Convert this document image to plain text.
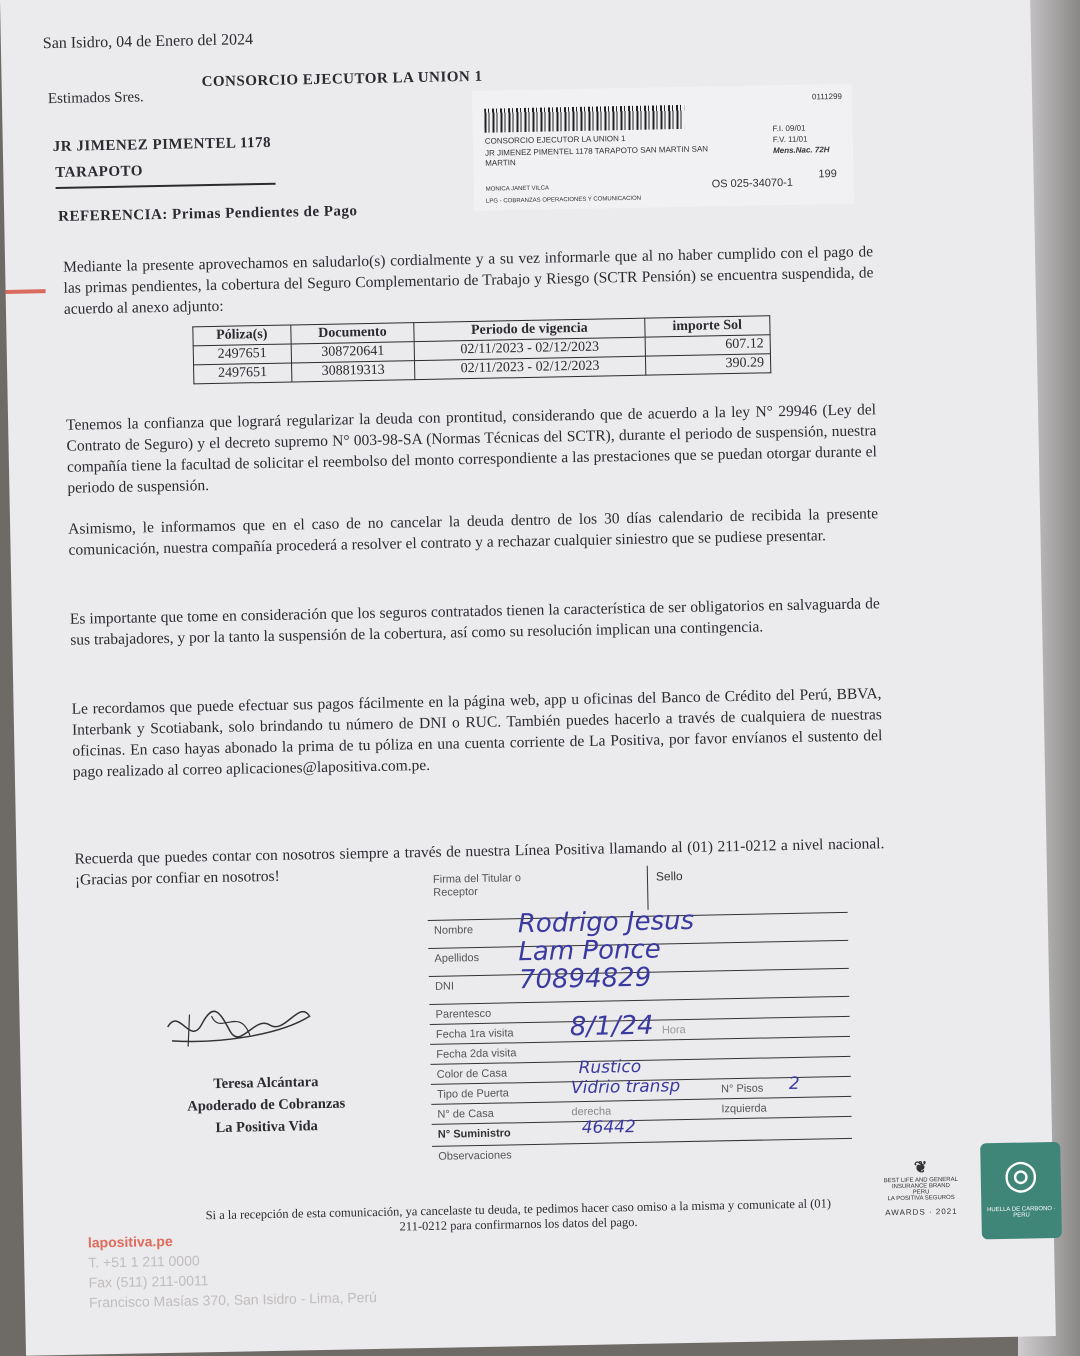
San Isidro, 04 de Enero del 2024
Estimados Sres.
CONSORCIO EJECUTOR LA UNION 1
JR JIMENEZ PIMENTEL 1178
TARAPOTO
REFERENCIA: Primas Pendientes de Pago
0111299
CONSORCIO EJECUTOR LA UNION 1
JR JIMENEZ PIMENTEL 1178 TARAPOTO SAN MARTIN SAN MARTIN
F.I. 09/01
F.V. 11/01
Mens.Nac. 72H
MONICA JANET VILCA
LPG - COBRANZAS OPERACIONES Y COMUNICACION
OS 025-34070-1
199
Mediante la presente aprovechamos en saludarlo(s) cordialmente y a su vez informarle que al no haber cumplido con el pago de las primas pendientes, la cobertura del Seguro Complementario de Trabajo y Riesgo (SCTR Pensión) se encuentra suspendida, de acuerdo al anexo adjunto:
Póliza(s)	Documento	Periodo de vigencia	importe Sol
2497651	308720641	02/11/2023 - 02/12/2023	607.12
2497651	308819313	02/11/2023 - 02/12/2023	390.29
Tenemos la confianza que logrará regularizar la deuda con prontitud, considerando que de acuerdo a la ley N° 29946 (Ley del Contrato de Seguro) y el decreto supremo N° 003-98-SA (Normas Técnicas del SCTR), durante el periodo de suspensión, nuestra compañía tiene la facultad de solicitar el reembolso del monto correspondiente a las prestaciones que se puedan otorgar durante el periodo de suspensión.
Asimismo, le informamos que en el caso de no cancelar la deuda dentro de los 30 días calendario de recibida la presente comunicación, nuestra compañía procederá a resolver el contrato y a rechazar cualquier siniestro que se pudiese presentar.
Es importante que tome en consideración que los seguros contratados tienen la característica de ser obligatorios en salvaguarda de sus trabajadores, y por la tanto la suspensión de la cobertura, así como su resolución implican una contingencia.
Le recordamos que puede efectuar sus pagos fácilmente en la página web, app u oficinas del Banco de Crédito del Perú, BBVA, Interbank y Scotiabank, solo brindando tu número de DNI o RUC. También puedes hacerlo a través de cualquiera de nuestras oficinas. En caso hayas abonado la prima de tu póliza en una cuenta corriente de La Positiva, por favor envíanos el sustento del pago realizado al correo aplicaciones@lapositiva.com.pe.
Recuerda que puedes contar con nosotros siempre a través de nuestra Línea Positiva llamando al (01) 211-0212 a nivel nacional. ¡Gracias por confiar en nosotros!	Firma del Titular o Receptor
Sello
Nombre Rodrigo Jesus
Apellidos Lam Ponce
DNI 70894829
Parentesco
Fecha 1ra visita 8/1/24 Hora
Fecha 2da visita
Color de Casa	Rustico
Tipo de Puerta	Vidrio transp	N° Pisos 2
N° de Casa	derecha	Izquierda
N° Suministro	46442
Observaciones
Teresa Alcántara
Apoderado de Cobranzas
La Positiva Vida
Si a la recepción de esta comunicación, ya cancelaste tu deuda, te pedimos hacer caso omiso a la misma y comunicate al (01) 211-0212 para confirmarnos los datos del pago.
lapositiva.pe
T. +51 1 211 0000
Fax (511) 211-0011
Francisco Masías 370, San Isidro - Lima, Perú
❦
BEST LIFE AND GENERAL INSURANCE BRAND
PERU
LA POSITIVA SEGUROS
AWARDS · 2021
◎
HUELLA DE CARBONO · PERU
